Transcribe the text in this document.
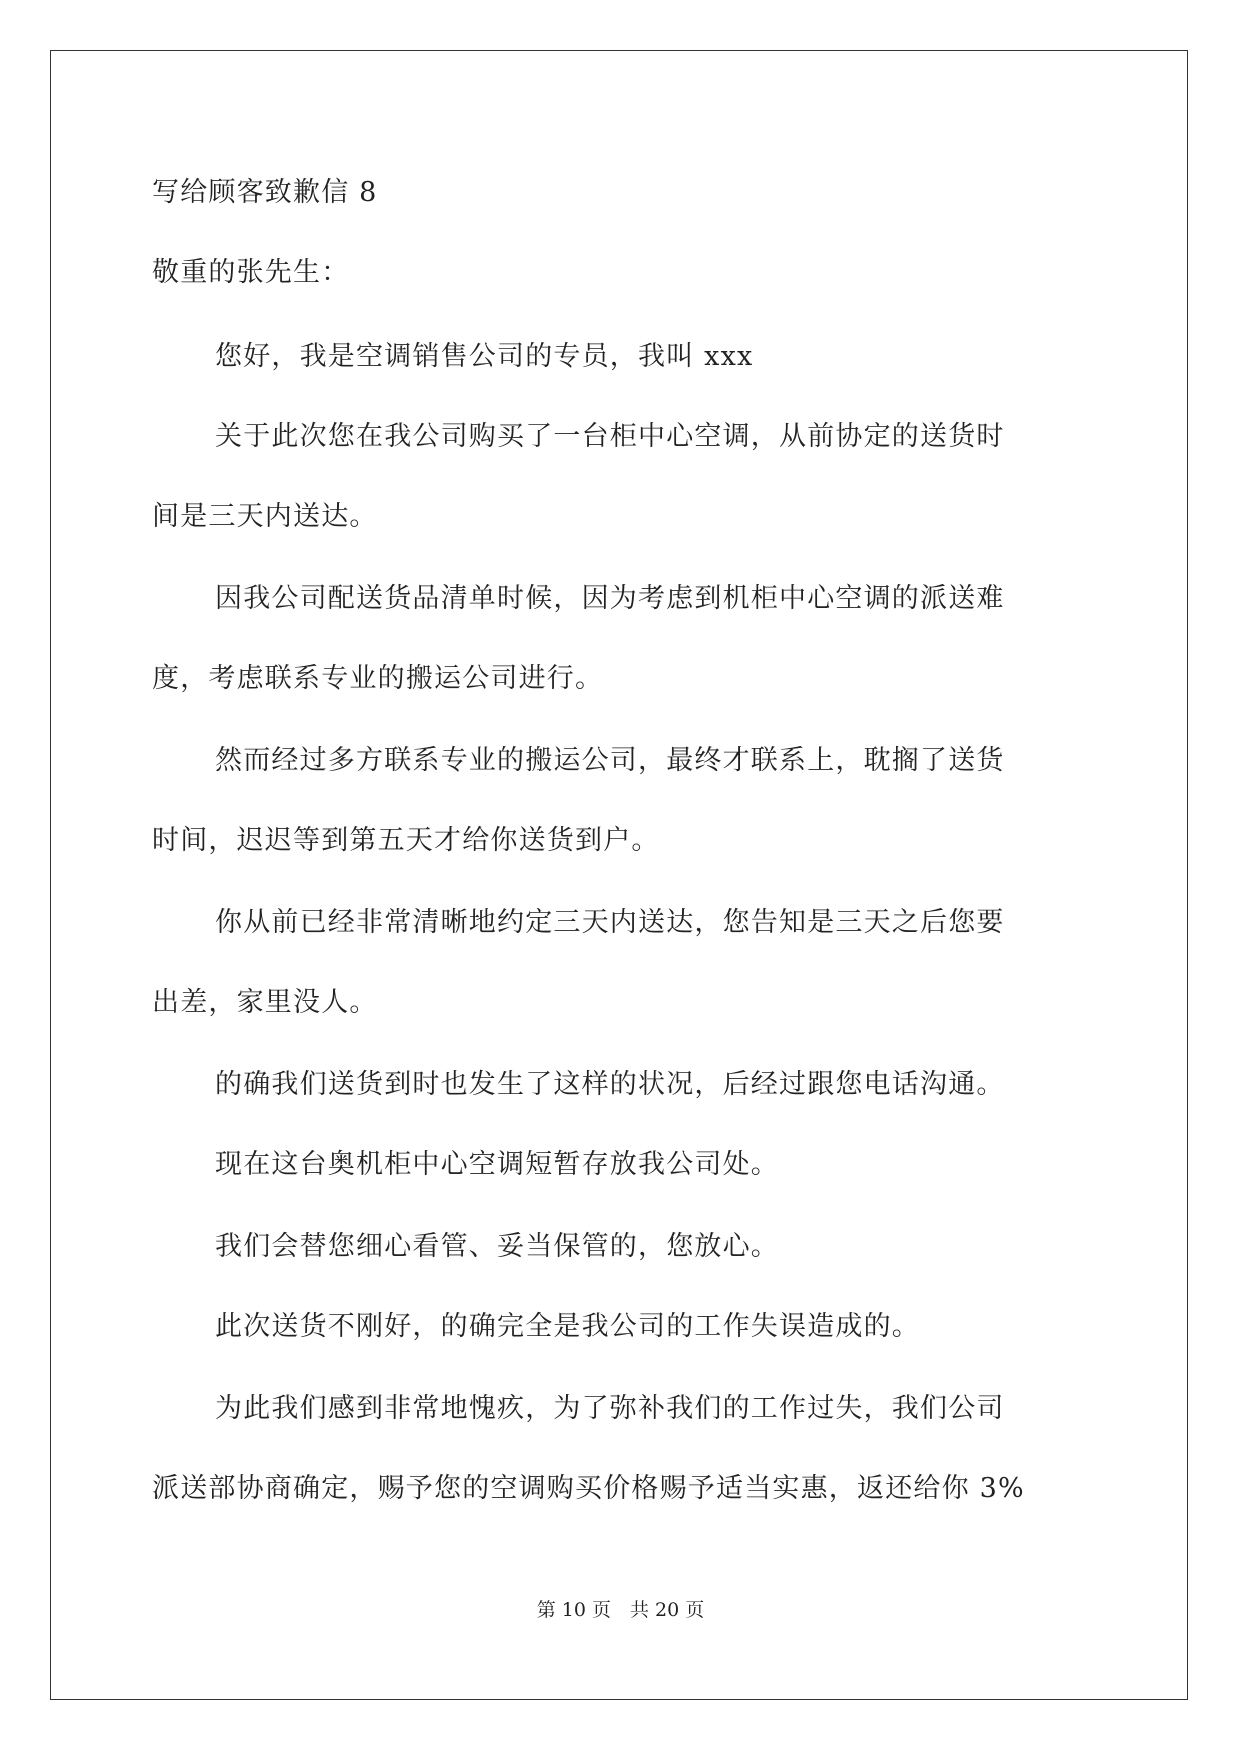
写给顾客致歉信 8
敬重的张先生：
您好，我是空调销售公司的专员，我叫 xxx
关于此次您在我公司购买了一台柜中心空调，从前协定的送货时
间是三天内送达。
因我公司配送货品清单时候，因为考虑到机柜中心空调的派送难
度，考虑联系专业的搬运公司进行。
然而经过多方联系专业的搬运公司，最终才联系上，耽搁了送货
时间，迟迟等到第五天才给你送货到户。
你从前已经非常清晰地约定三天内送达，您告知是三天之后您要
出差，家里没人。
的确我们送货到时也发生了这样的状况，后经过跟您电话沟通。
现在这台奥机柜中心空调短暂存放我公司处。
我们会替您细心看管、妥当保管的，您放心。
此次送货不刚好，的确完全是我公司的工作失误造成的。
为此我们感到非常地愧疚，为了弥补我们的工作过失，我们公司
派送部协商确定，赐予您的空调购买价格赐予适当实惠，返还给你 3%
第 10 页　共 20 页
